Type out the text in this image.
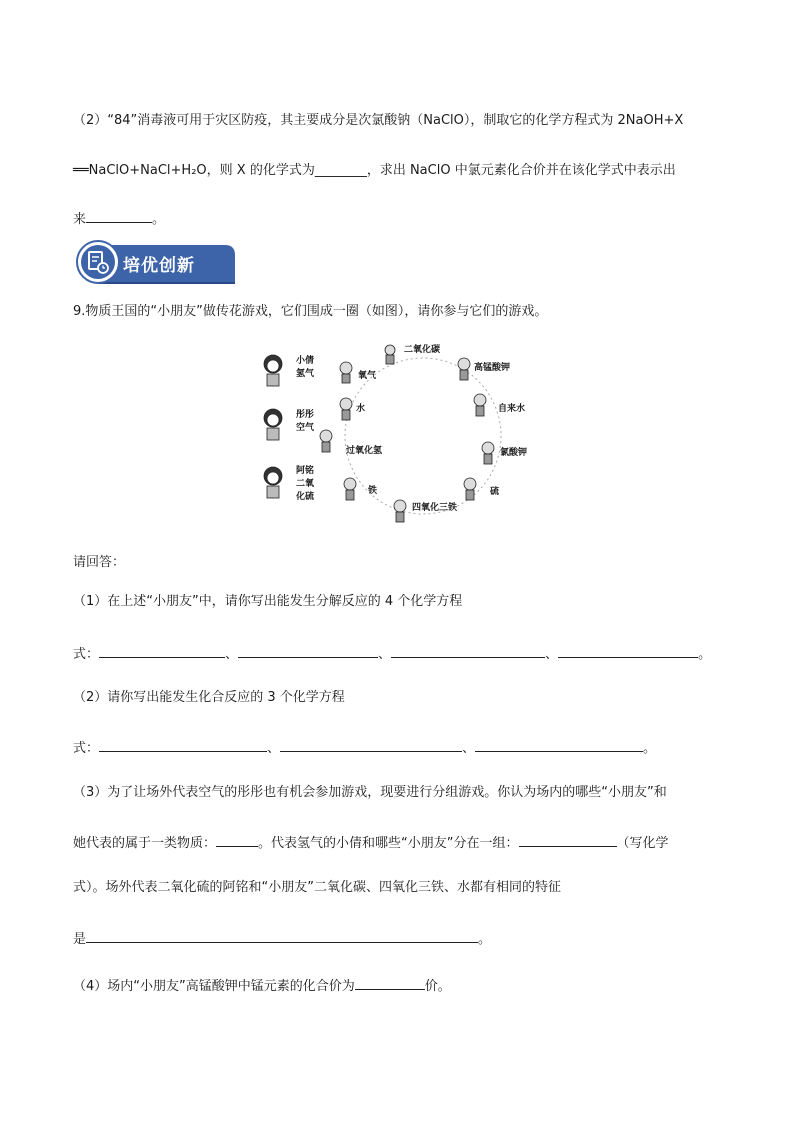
（2）“84”消毒液可用于灾区防疫，其主要成分是次氯酸钠（NaClO），制取它的化学方程式为 2NaOH+X
══NaClO+NaCl+H₂O，则 X 的化学式为________，求出 NaClO 中氯元素化合价并在该化学式中表示出
来	。
培优创新
9.物质王国的“小朋友”做传花游戏，它们围成一圈（如图），请你参与它们的游戏。
小倩
氢气
彤彤
空气
阿铭
二氧
化硫
氧气
水
过氧化氢
铁
四氧化三铁
硫
氯酸钾
自来水
高锰酸钾
二氧化碳
请回答：
（1）在上述“小朋友”中，请你写出能发生分解反应的 4 个化学方程
式：	、	、	、	。
（2）请你写出能发生化合反应的 3 个化学方程
式：	、	、	。
（3）为了让场外代表空气的彤彤也有机会参加游戏，现要进行分组游戏。你认为场内的哪些“小朋友”和
她代表的属于一类物质：	。代表氢气的小倩和哪些“小朋友”分在一组：	（写化学
式）。场外代表二氧化硫的阿铭和“小朋友”二氧化碳、四氧化三铁、水都有相同的特征
是	。
（4）场内“小朋友”高锰酸钾中锰元素的化合价为	价。
